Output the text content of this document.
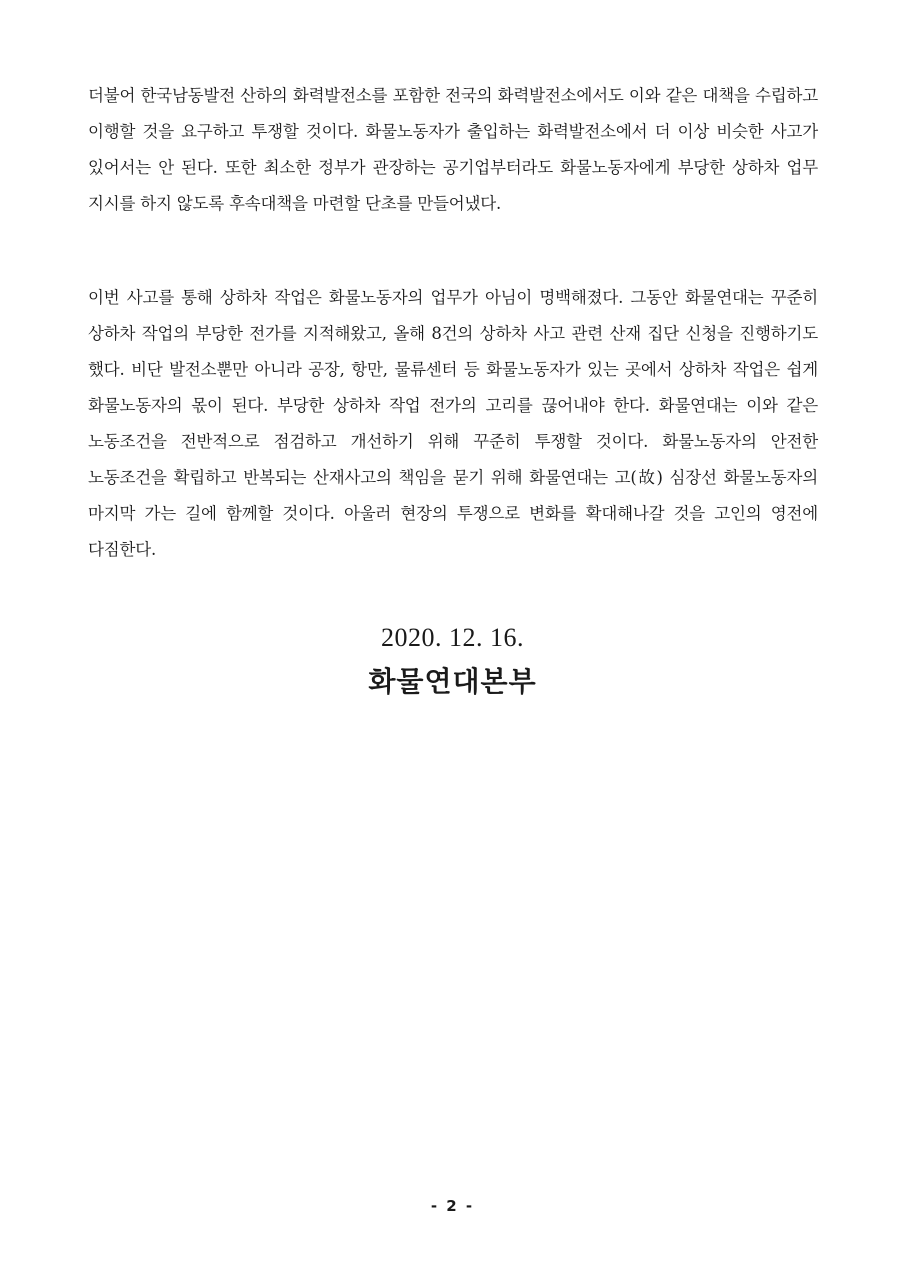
더불어 한국남동발전 산하의 화력발전소를 포함한 전국의 화력발전소에서도 이와 같은 대책을 수립하고 이행할 것을 요구하고 투쟁할 것이다. 화물노동자가 출입하는 화력발전소에서 더 이상 비슷한 사고가 있어서는 안 된다. 또한 최소한 정부가 관장하는 공기업부터라도 화물노동자에게 부당한 상하차 업무 지시를 하지 않도록 후속대책을 마련할 단초를 만들어냈다.

이번 사고를 통해 상하차 작업은 화물노동자의 업무가 아님이 명백해졌다. 그동안 화물연대는 꾸준히 상하차 작업의 부당한 전가를 지적해왔고, 올해 8건의 상하차 사고 관련 산재 집단 신청을 진행하기도 했다. 비단 발전소뿐만 아니라 공장, 항만, 물류센터 등 화물노동자가 있는 곳에서 상하차 작업은 쉽게 화물노동자의 몫이 된다. 부당한 상하차 작업 전가의 고리를 끊어내야 한다. 화물연대는 이와 같은 노동조건을 전반적으로 점검하고 개선하기 위해 꾸준히 투쟁할 것이다. 화물노동자의 안전한 노동조건을 확립하고 반복되는 산재사고의 책임을 묻기 위해 화물연대는 고(故) 심장선 화물노동자의 마지막 가는 길에 함께할 것이다. 아울러 현장의 투쟁으로 변화를 확대해나갈 것을 고인의 영전에 다짐한다.

2020. 12. 16.

화물연대본부

- 2 -
